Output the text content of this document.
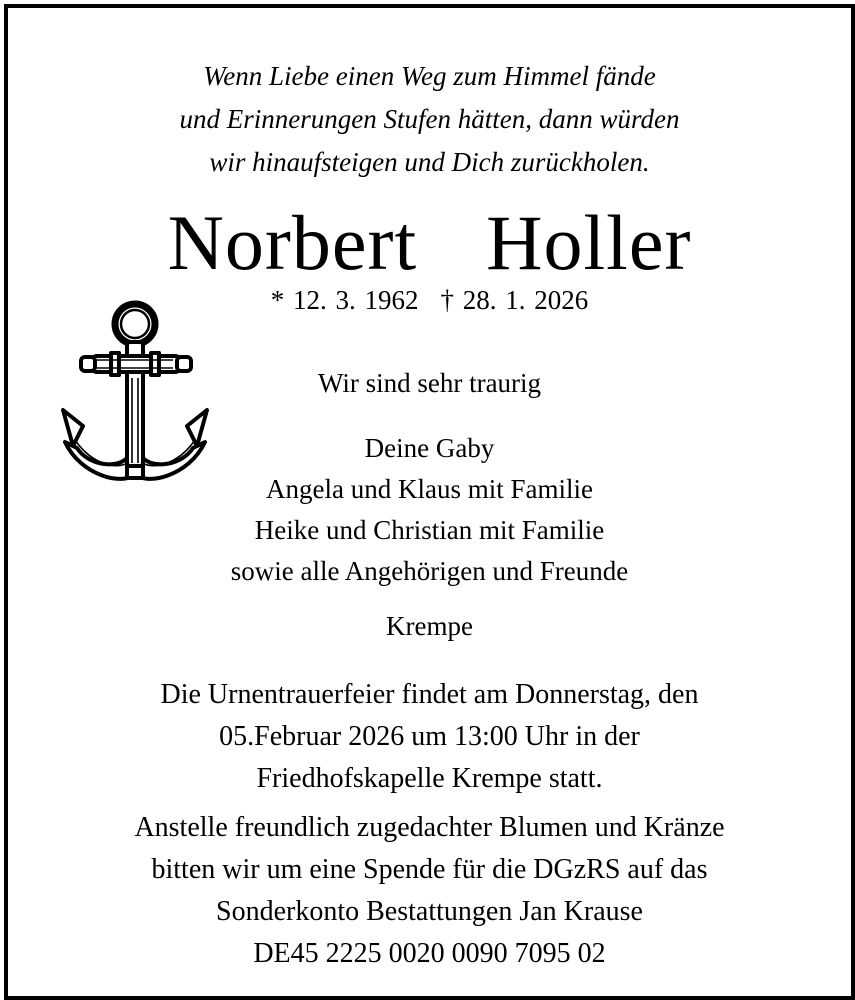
Wenn Liebe einen Weg zum Himmel fände
und Erinnerungen Stufen hätten, dann würden
wir hinaufsteigen und Dich zurückholen.
Norbert  Holler
* 12. 3. 1962 † 28. 1. 2026
Wir sind sehr traurig
Deine Gaby
Angela und Klaus mit Familie
Heike und Christian mit Familie
sowie alle Angehörigen und Freunde
Krempe
Die Urnentrauerfeier findet am Donnerstag, den
05.Februar 2026 um 13:00 Uhr in der
Friedhofskapelle Krempe statt.
Anstelle freundlich zugedachter Blumen und Kränze
bitten wir um eine Spende für die DGzRS auf das
Sonderkonto Bestattungen Jan Krause
DE45 2225 0020 0090 7095 02
